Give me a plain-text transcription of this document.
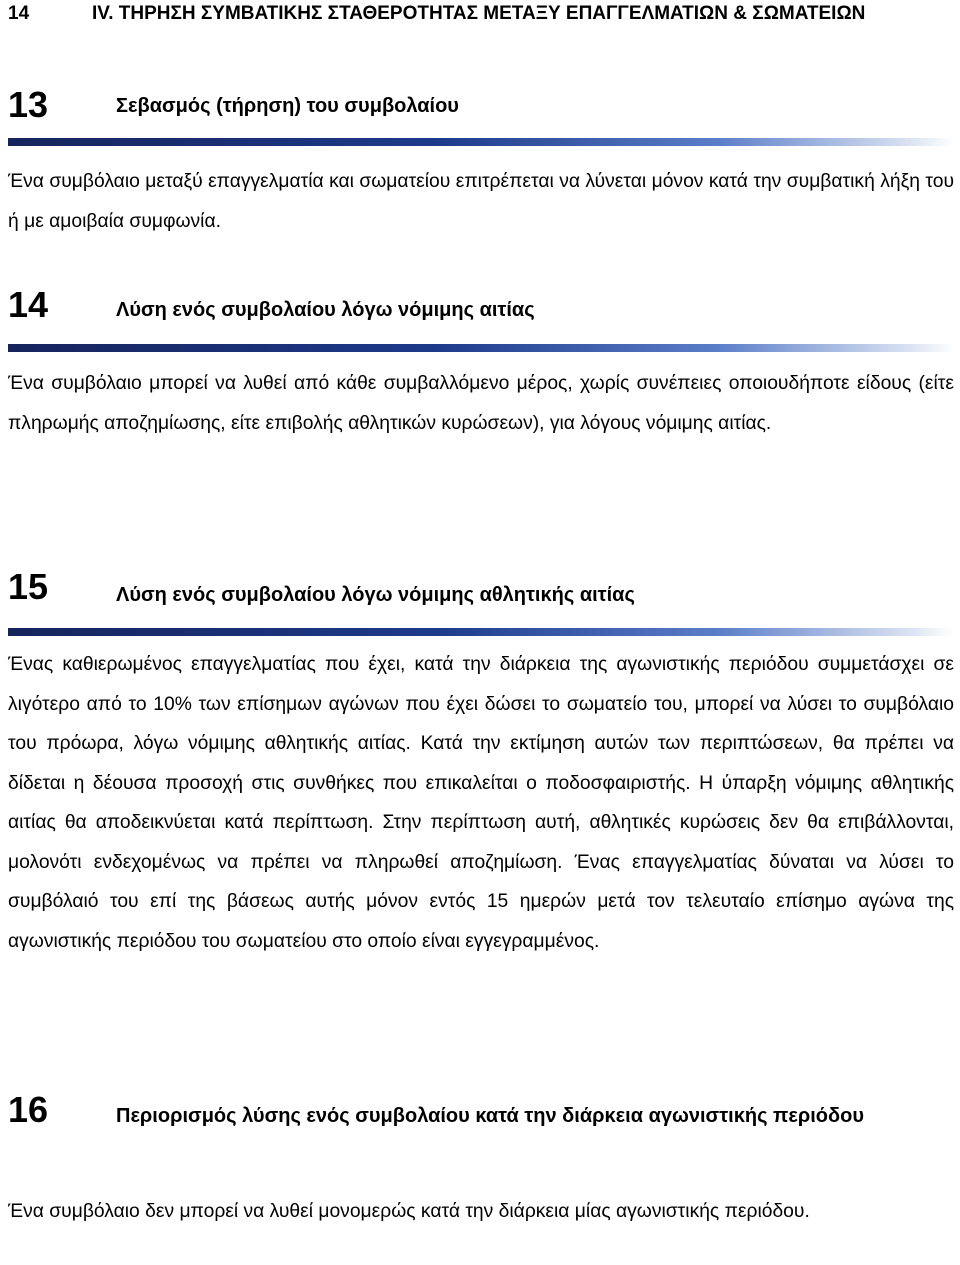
14	IV. ΤΗΡΗΣΗ ΣΥΜΒΑΤΙΚΗΣ ΣΤΑΘΕΡΟΤΗΤΑΣ ΜΕΤΑΞΥ ΕΠΑΓΓΕΛΜΑΤΙΩΝ & ΣΩΜΑΤΕΙΩΝ
13	Σεβασμός (τήρηση) του συμβολαίου
Ένα συμβόλαιο μεταξύ επαγγελματία και σωματείου επιτρέπεται να λύνεται μόνον κατά την συμβατική λήξη του ή με αμοιβαία συμφωνία.
14	Λύση ενός συμβολαίου λόγω νόμιμης αιτίας
Ένα συμβόλαιο μπορεί να λυθεί από κάθε συμβαλλόμενο μέρος, χωρίς συνέπειες οποιουδήποτε είδους (είτε πληρωμής αποζημίωσης, είτε επιβολής αθλητικών κυρώσεων), για λόγους νόμιμης αιτίας.
15	Λύση ενός συμβολαίου λόγω νόμιμης αθλητικής αιτίας
Ένας καθιερωμένος επαγγελματίας που έχει, κατά την διάρκεια της αγωνιστικής περιόδου συμμετάσχει σε λιγότερο από το 10% των επίσημων αγώνων που έχει δώσει το σωματείο του, μπορεί να λύσει το συμβόλαιο του πρόωρα, λόγω νόμιμης αθλητικής αιτίας. Κατά την εκτίμηση αυτών των περιπτώσεων, θα πρέπει να δίδεται η δέουσα προσοχή στις συνθήκες που επικαλείται ο ποδοσφαιριστής. Η ύπαρξη νόμιμης αθλητικής αιτίας θα αποδεικνύεται κατά περίπτωση. Στην περίπτωση αυτή, αθλητικές κυρώσεις δεν θα επιβάλλονται, μολονότι ενδεχομένως να πρέπει να πληρωθεί αποζημίωση. Ένας επαγγελματίας δύναται να λύσει το συμβόλαιό του επί της βάσεως αυτής μόνον εντός 15 ημερών μετά τον τελευταίο επίσημο αγώνα της αγωνιστικής περιόδου του σωματείου στο οποίο είναι εγγεγραμμένος.
16	Περιορισμός λύσης ενός συμβολαίου κατά την διάρκεια αγωνιστικής περιόδου
Ένα συμβόλαιο δεν μπορεί να λυθεί μονομερώς κατά την διάρκεια μίας αγωνιστικής περιόδου.
